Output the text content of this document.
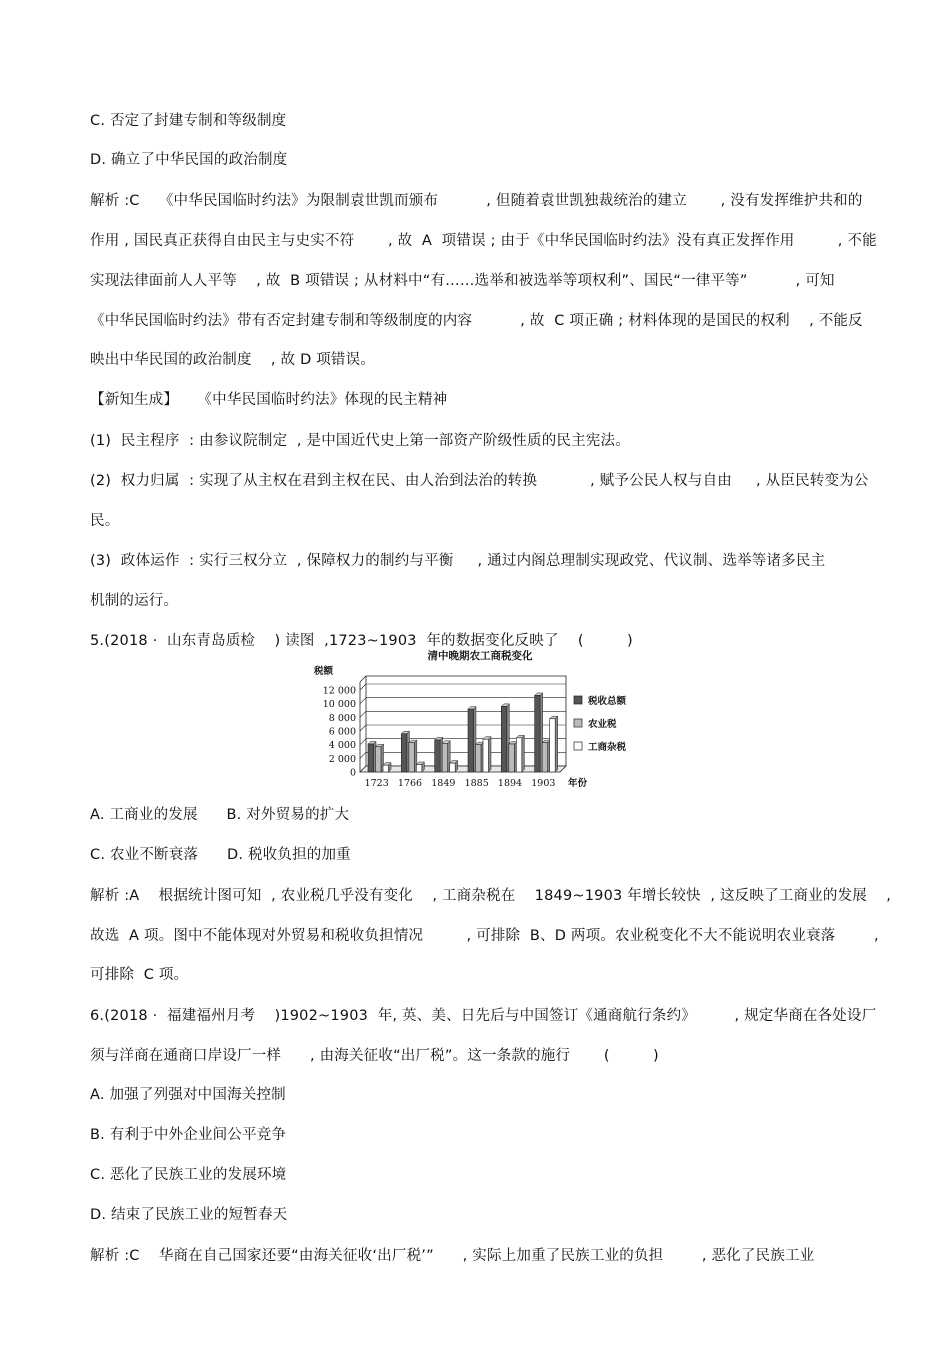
C. 否定了封建专制和等级制度
D. 确立了中华民国的政治制度
解析 :C    《中华民国临时约法》为限制袁世凯而颁布          , 但随着袁世凯独裁统治的建立       , 没有发挥维护共和的
作用 , 国民真正获得自由民主与史实不符       , 故  A  项错误 ; 由于《中华民国临时约法》没有真正发挥作用         , 不能
实现法律面前人人平等    , 故  B 项错误 ; 从材料中“有……选举和被选举等项权利”、国民“一律平等”          , 可知
《中华民国临时约法》带有否定封建专制和等级制度的内容          , 故  C 项正确 ; 材料体现的是国民的权利    , 不能反
映出中华民国的政治制度    , 故 D 项错误。
【新知生成】    《中华民国临时约法》体现的民主精神
(1)  民主程序  : 由参议院制定  , 是中国近代史上第一部资产阶级性质的民主宪法。
(2)  权力归属  : 实现了从主权在君到主权在民、由人治到法治的转换           , 赋予公民人权与自由     , 从臣民转变为公
民。
(3)  政体运作  : 实行三权分立  , 保障权力的制约与平衡     , 通过内阁总理制实现政党、代议制、选举等诸多民主
机制的运行。
5.(2018 ·  山东青岛质检    ) 读图  ,1723~1903  年的数据变化反映了    (         )
清中晚期农工商税变化
税额
12 000
10 000
8 000
6 000
4 000
2 000
0
1723 1766 1849 1885 1894 1903 年份
税收总额
农业税
工商杂税
A. 工商业的发展      B. 对外贸易的扩大
C. 农业不断衰落      D. 税收负担的加重
解析 :A    根据统计图可知  , 农业税几乎没有变化    , 工商杂税在    1849~1903 年增长较快  , 这反映了工商业的发展    ,
故选  A 项。图中不能体现对外贸易和税收负担情况         , 可排除  B、D 两项。农业税变化不大不能说明农业衰落        ,
可排除  C 项。
6.(2018 ·  福建福州月考    )1902~1903  年, 英、美、日先后与中国签订《通商航行条约》        , 规定华商在各处设厂
须与洋商在通商口岸设厂一样      , 由海关征收“出厂税”。这一条款的施行       (         )
A. 加强了列强对中国海关控制
B. 有利于中外企业间公平竞争
C. 恶化了民族工业的发展环境
D. 结束了民族工业的短暂春天
解析 :C    华商在自己国家还要“由海关征收‘出厂税’”      , 实际上加重了民族工业的负担        , 恶化了民族工业
